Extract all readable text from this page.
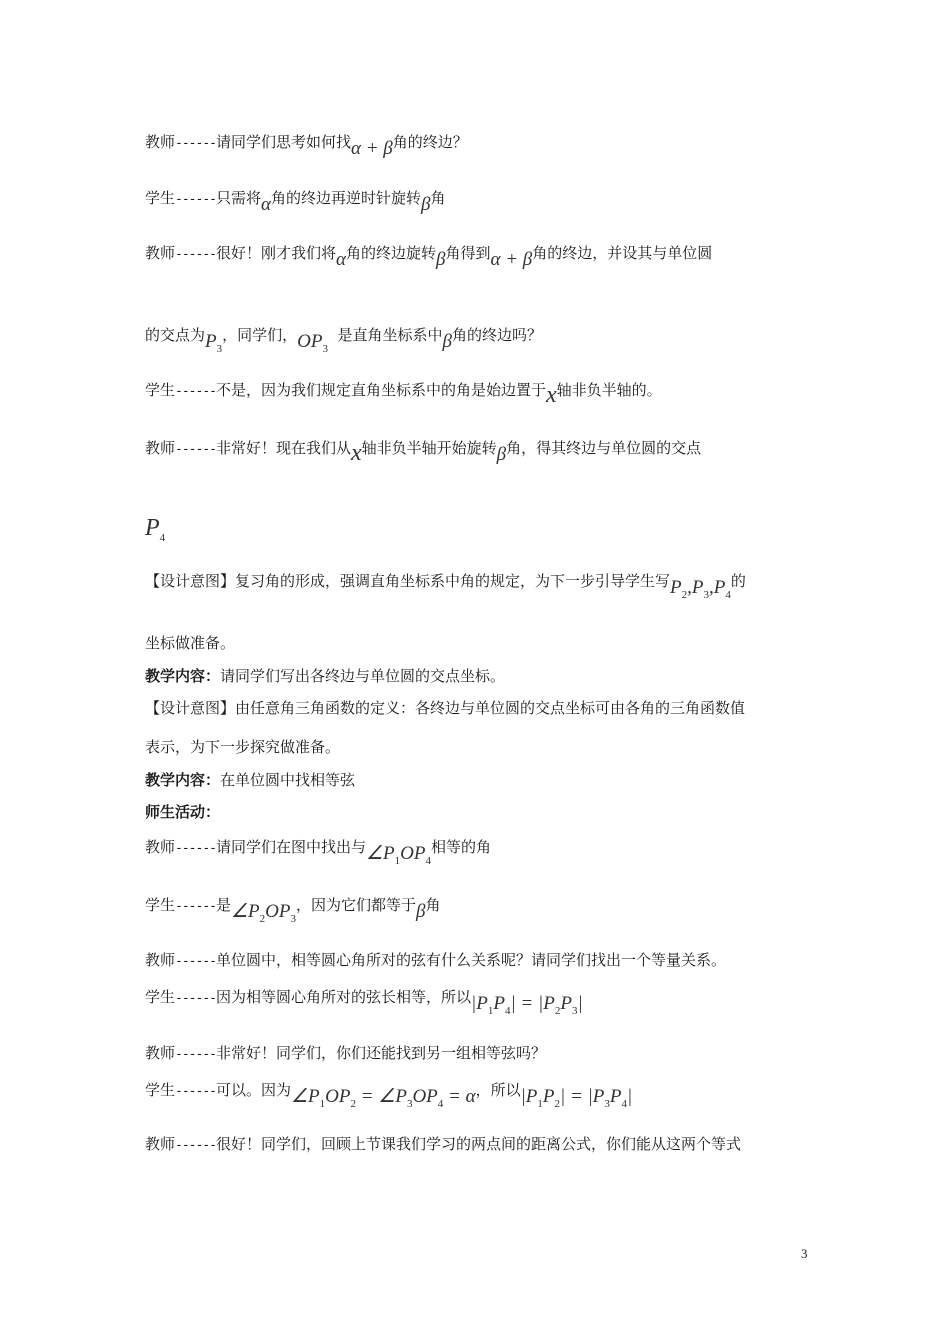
教师------请同学们思考如何找α + β角的终边？
学生------只需将α角的终边再逆时针旋转β角
教师------很好！刚才我们将α角的终边旋转β角得到α + β角的终边，并设其与单位圆
的交点为$P_3$，同学们，$OP_3$  是直角坐标系中β角的终边吗？
学生------不是，因为我们规定直角坐标系中的角是始边置于x轴非负半轴的。
教师------非常好！现在我们从x轴非负半轴开始旋转β角，得其终边与单位圆的交点
$P_4$
【设计意图】复习角的形成，强调直角坐标系中角的规定，为下一步引导学生写$P_2,P_3,P_4$的
坐标做准备。
教学内容：请同学们写出各终边与单位圆的交点坐标。
【设计意图】由任意角三角函数的定义：各终边与单位圆的交点坐标可由各角的三角函数值
表示，为下一步探究做准备。
教学内容：在单位圆中找相等弦
师生活动：
教师------请同学们在图中找出与$\angle P_1OP_4$相等的角
学生------是$\angle P_2OP_3$，因为它们都等于β角
教师------单位圆中，相等圆心角所对的弦有什么关系呢？请同学们找出一个等量关系。
学生------因为相等圆心角所对的弦长相等，所以$|P_1P_4| = |P_2P_3|$
教师------非常好！同学们，你们还能找到另一组相等弦吗？
学生------可以。因为$\angle P_1OP_2$ = $\angle P_3OP_4 = \alpha$，所以$|P_1P_2| = |P_3P_4|$
教师------很好！同学们，回顾上节课我们学习的两点间的距离公式，你们能从这两个等式
3
